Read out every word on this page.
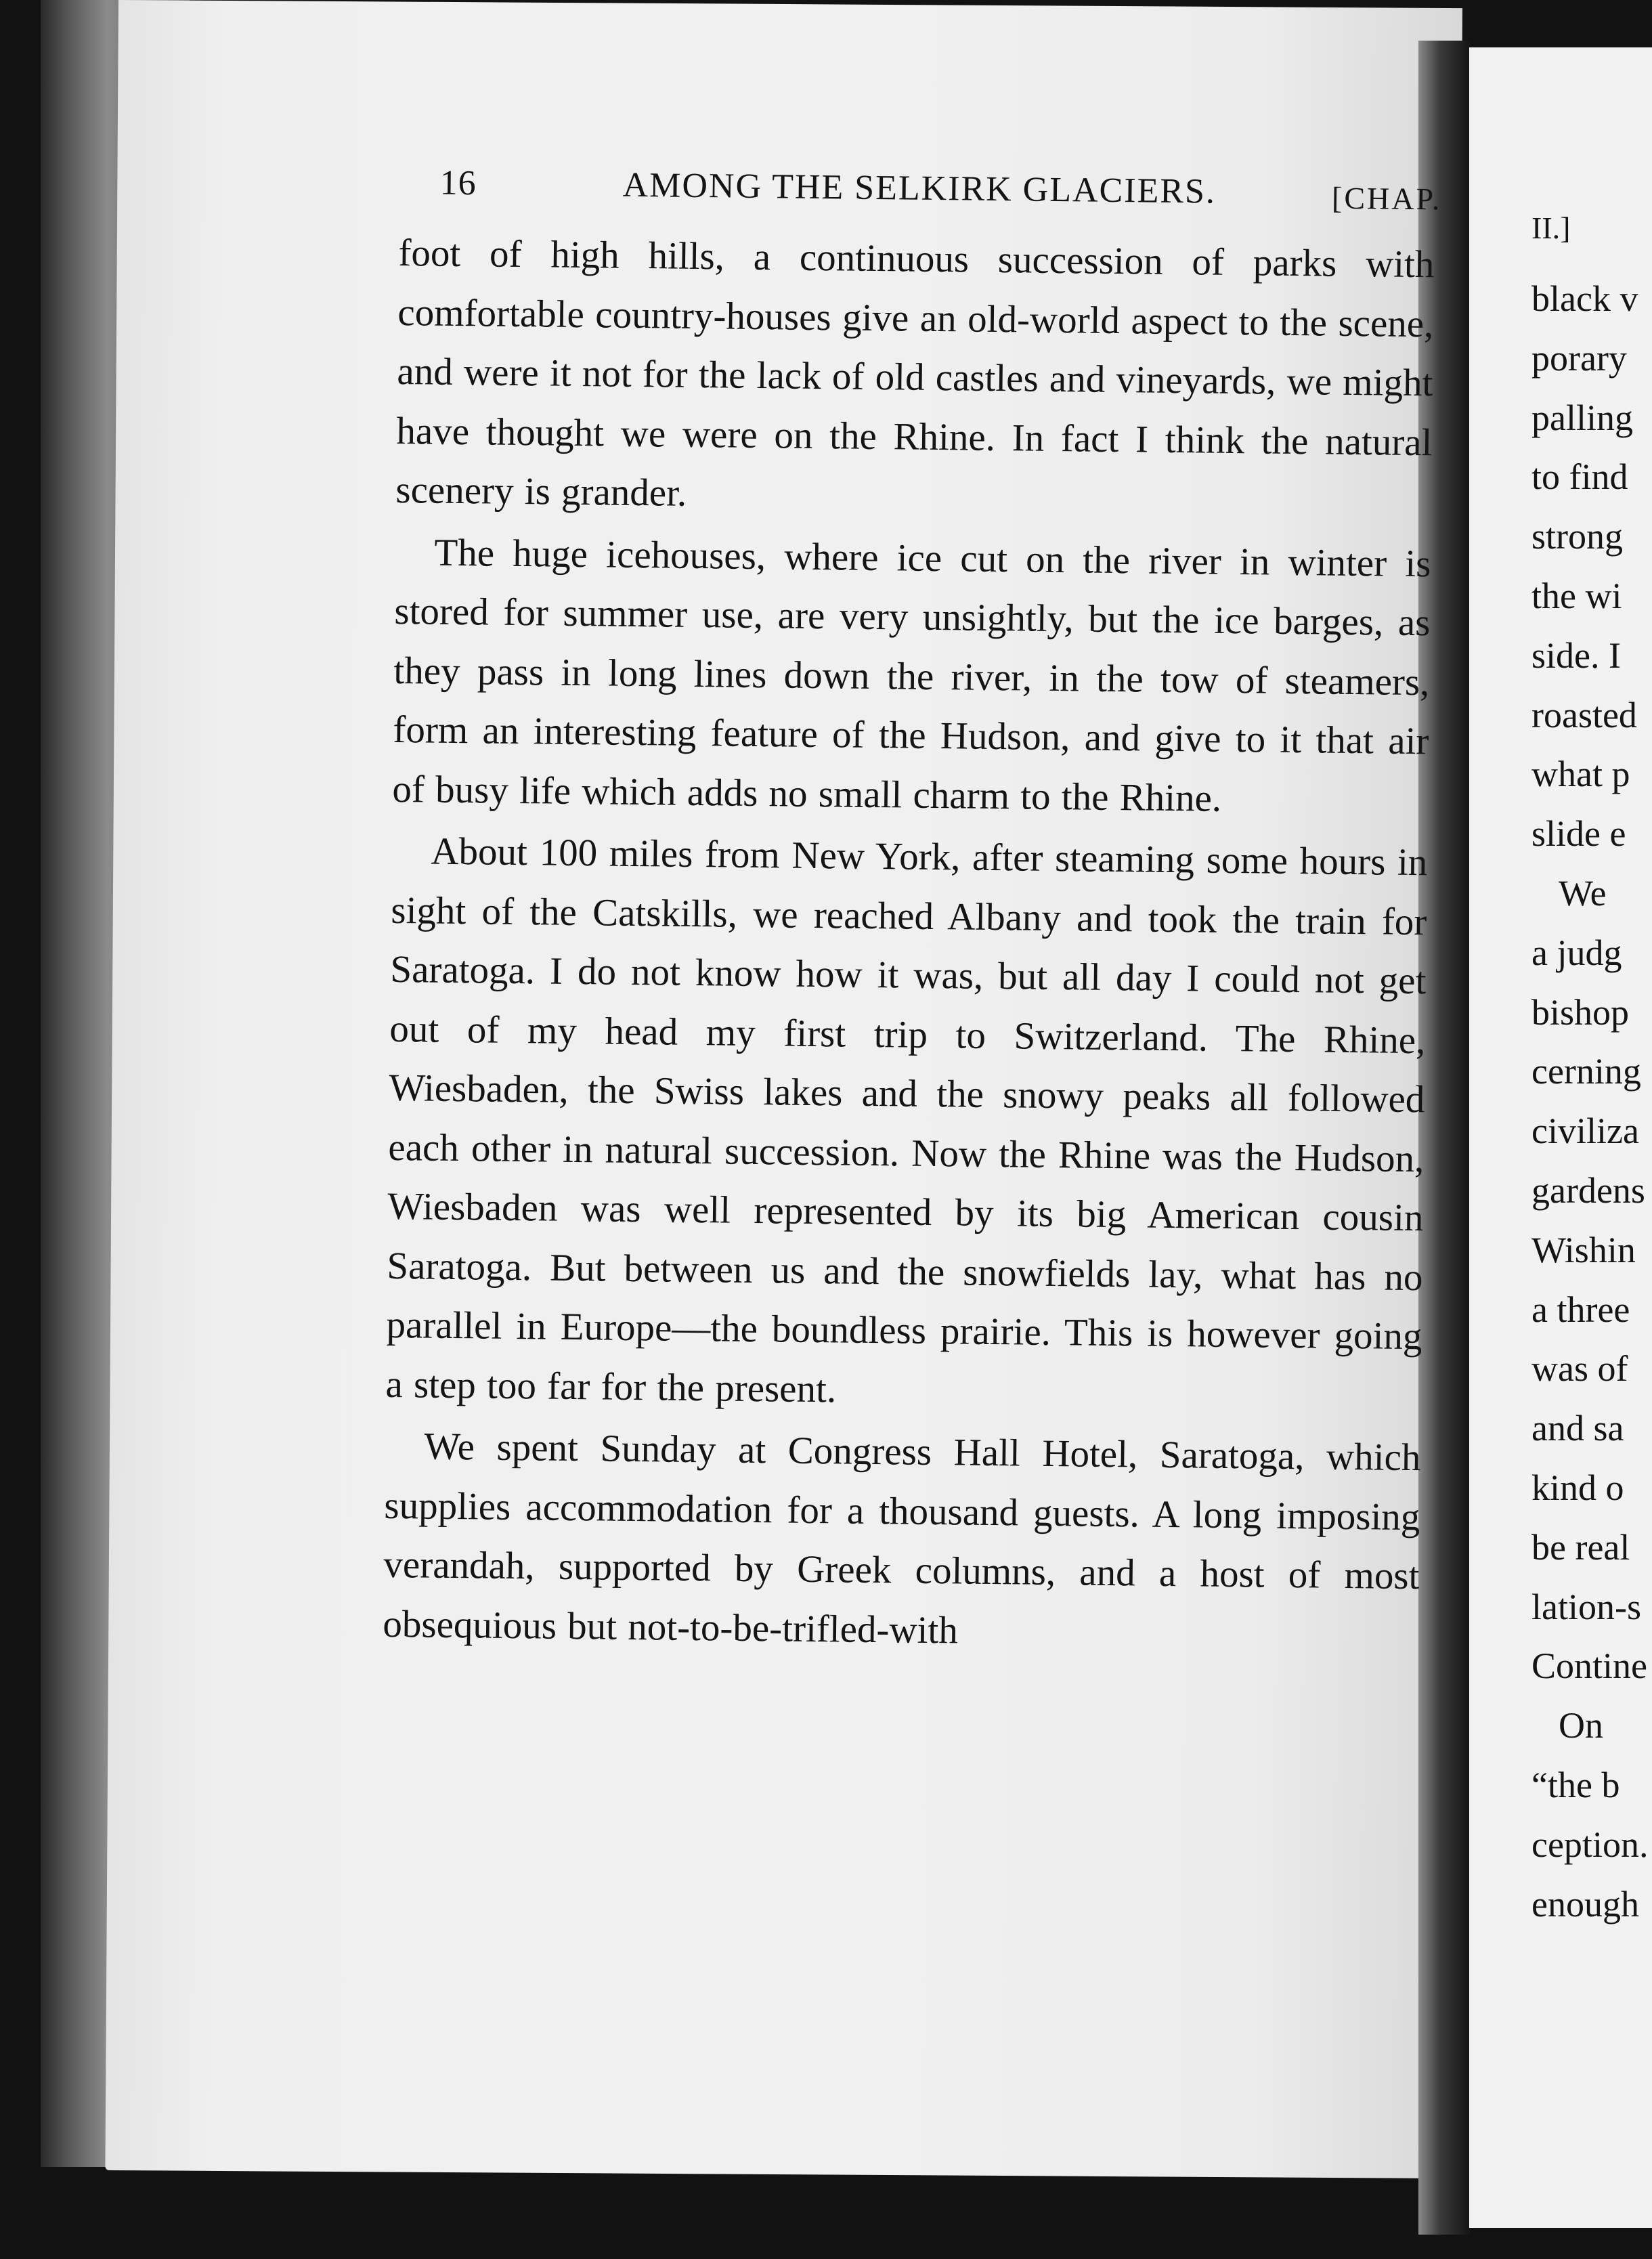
16	AMONG THE SELKIRK GLACIERS.	[CHAP.

foot of high hills, a continuous succession of parks with comfortable country-houses give an old-world aspect to the scene, and were it not for the lack of old castles and vineyards, we might have thought we were on the Rhine. In fact I think the natural scenery is grander.

The huge icehouses, where ice cut on the river in winter is stored for summer use, are very unsightly, but the ice barges, as they pass in long lines down the river, in the tow of steamers, form an interesting feature of the Hudson, and give to it that air of busy life which adds no small charm to the Rhine.

About 100 miles from New York, after steaming some hours in sight of the Catskills, we reached Albany and took the train for Saratoga. I do not know how it was, but all day I could not get out of my head my first trip to Switzerland. The Rhine, Wiesbaden, the Swiss lakes and the snowy peaks all followed each other in natural succession. Now the Rhine was the Hudson, Wiesbaden was well represented by its big American cousin Saratoga. But between us and the snowfields lay, what has no parallel in Europe—the boundless prairie. This is however going a step too far for the present.

We spent Sunday at Congress Hall Hotel, Saratoga, which supplies accommodation for a thousand guests. A long imposing verandah, supported by Greek columns, and a host of most obsequious but not-to-be-trifled-with

II.]
black v
porary
palling
to find
strong
the wi
side. I
roasted
what p
slide e
We
a judg
bishop
cerning
civiliza
gardens
Wishin
a three
was of
and sa
kind o
be real
lation-s
Contine
On
“the b
ception.
enough
